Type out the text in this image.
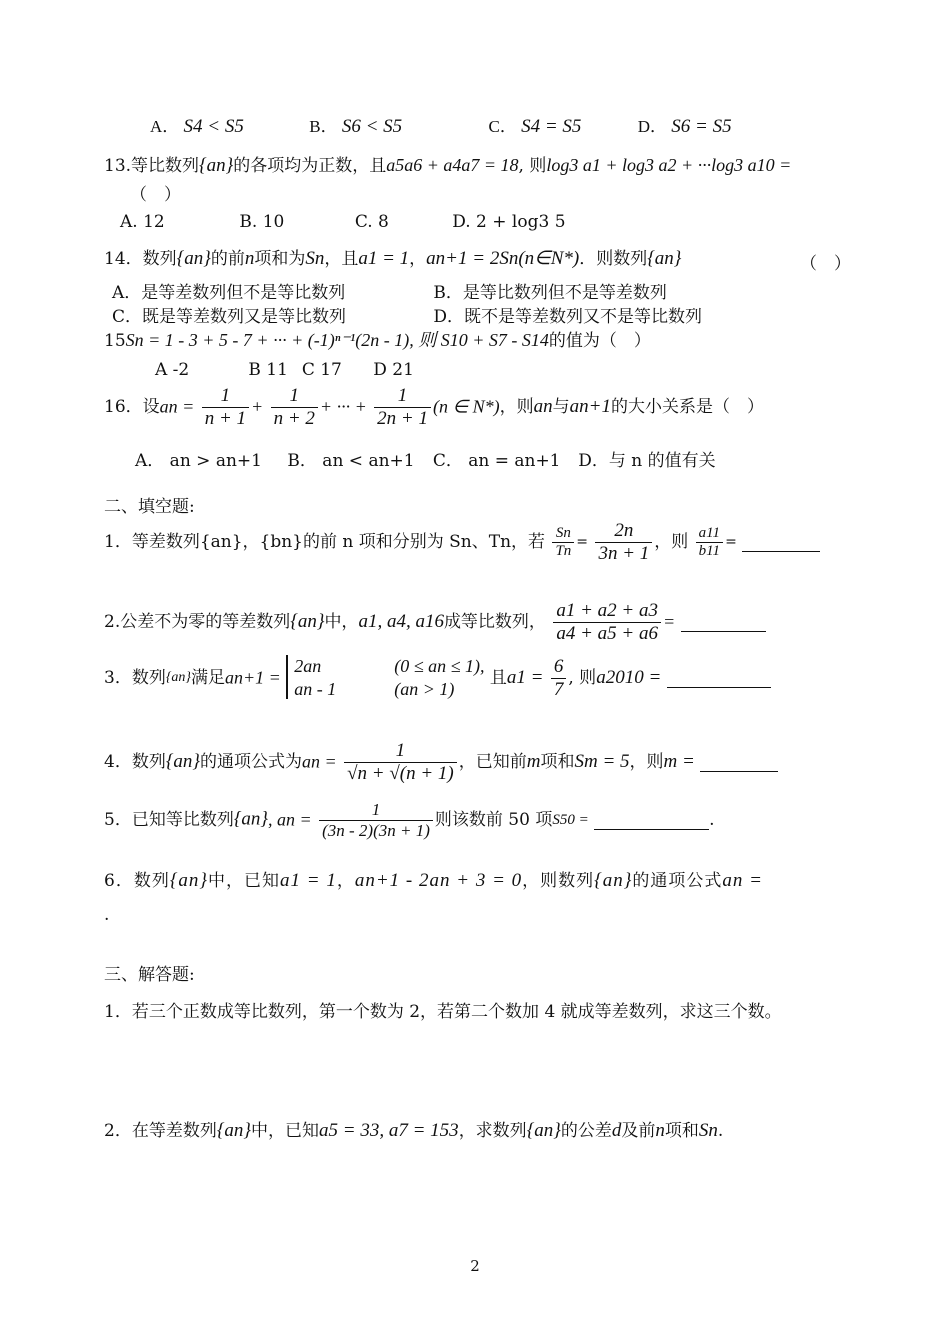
A． S4 < S5	B． S6 < S5	C． S4 = S5	D． S6 = S5
13.等比数列{an}的各项均为正数，且a5a6 + a4a7 = 18, 则log3 a1 + log3 a2 + ···log3 a10 =
（　）
A. 12	B. 10	C. 8	D. 2 + log3 5
14．数列{an}的前n项和为Sn，且a1 = 1，an+1 = 2Sn(n∈N*)．则数列{an}	（　）
A．是等差数列但不是等比数列	B．是等比数列但不是等差数列
C．既是等差数列又是等比数列	D．既不是等差数列又不是等比数列
15Sn = 1 - 3 + 5 - 7 + ··· + (-1)ⁿ⁻¹(2n - 1), 则 S10 + S7 - S14的值为（　）
A -2	B 11 C 17 D 21
16．设an = $\frac{1}{n + 1} + \frac{1}{n + 2}$ + ··· + $\frac{1}{2n + 1} (n$ ∈ N*)，则an与an+1的大小关系是（　）
A． an > an+1 B． an < an+1 C． an = an+1 D．与 n 的值有关
二、填空题:
1．等差数列{an}，{bn}的前 n 项和分别为 Sn、Tn，若 $\frac{Sn}{Tn} = \frac{2n}{3n + 1}$ ，则 $\frac{a11}{b11}$ =
2.公差不为零的等差数列{an}中，a1, a4, a16成等比数列， $\frac{a1 + a2 + a3}{a4 + a5 + a6}$ =
3．数列{an}满足an+1 =
2an	(0 ≤ an ≤ 1),
an - 1	(an > 1)
且$a1 = \frac{6}{7}$ , 则a2010 =
4．数列{an}的通项公式为an = $\frac{1}{√n + √(n + 1)}$ ，已知前m项和Sm = 5，则m =
5．已知等比数列{an}, an = $\frac{1}{(3n - 2)(3n + 1)}$ 则该数前 50 项S50 =	.
6．数列{an}中，已知a1 = 1，an+1 - 2an + 3 = 0，则数列{an}的通项公式an =
.
三、解答题:
1．若三个正数成等比数列，第一个数为 2，若第二个数加 4 就成等差数列，求这三个数。
2．在等差数列{an}中，已知a5 = 33, a7 = 153，求数列{an}的公差d及前n项和Sn.
2
